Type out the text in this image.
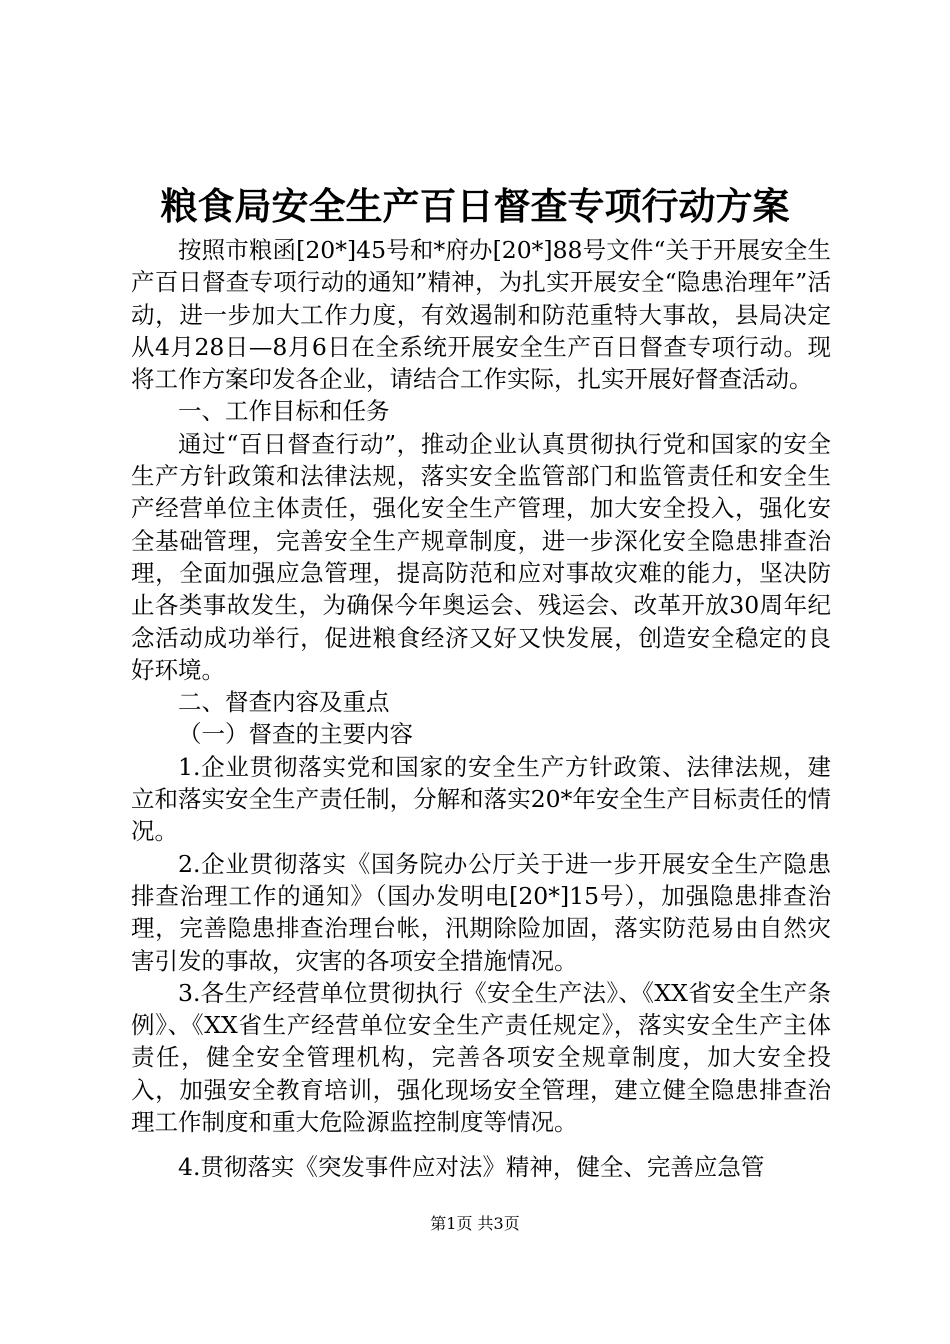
粮食局安全生产百日督查专项行动方案

按照市粮函[20*]45号和*府办[20*]88号文件“关于开展安全生产百日督查专项行动的通知”精神，为扎实开展安全“隐患治理年”活动，进一步加大工作力度，有效遏制和防范重特大事故，县局决定从4月28日—8月6日在全系统开展安全生产百日督查专项行动。现将工作方案印发各企业，请结合工作实际，扎实开展好督查活动。

一、工作目标和任务

通过“百日督查行动”，推动企业认真贯彻执行党和国家的安全生产方针政策和法律法规，落实安全监管部门和监管责任和安全生产经营单位主体责任，强化安全生产管理，加大安全投入，强化安全基础管理，完善安全生产规章制度，进一步深化安全隐患排查治理，全面加强应急管理，提高防范和应对事故灾难的能力，坚决防止各类事故发生，为确保今年奥运会、残运会、改革开放30周年纪念活动成功举行，促进粮食经济又好又快发展，创造安全稳定的良好环境。

二、督查内容及重点

（一）督查的主要内容

1.企业贯彻落实党和国家的安全生产方针政策、法律法规，建立和落实安全生产责任制，分解和落实20*年安全生产目标责任的情况。

2.企业贯彻落实《国务院办公厅关于进一步开展安全生产隐患排查治理工作的通知》（国办发明电[20*]15号），加强隐患排查治理，完善隐患排查治理台帐，汛期除险加固，落实防范易由自然灾害引发的事故，灾害的各项安全措施情况。

3.各生产经营单位贯彻执行《安全生产法》、《XX省安全生产条例》、《XX省生产经营单位安全生产责任规定》，落实安全生产主体责任，健全安全管理机构，完善各项安全规章制度，加大安全投入，加强安全教育培训，强化现场安全管理，建立健全隐患排查治理工作制度和重大危险源监控制度等情况。

4.贯彻落实《突发事件应对法》精神，健全、完善应急管

第1页 共3页
